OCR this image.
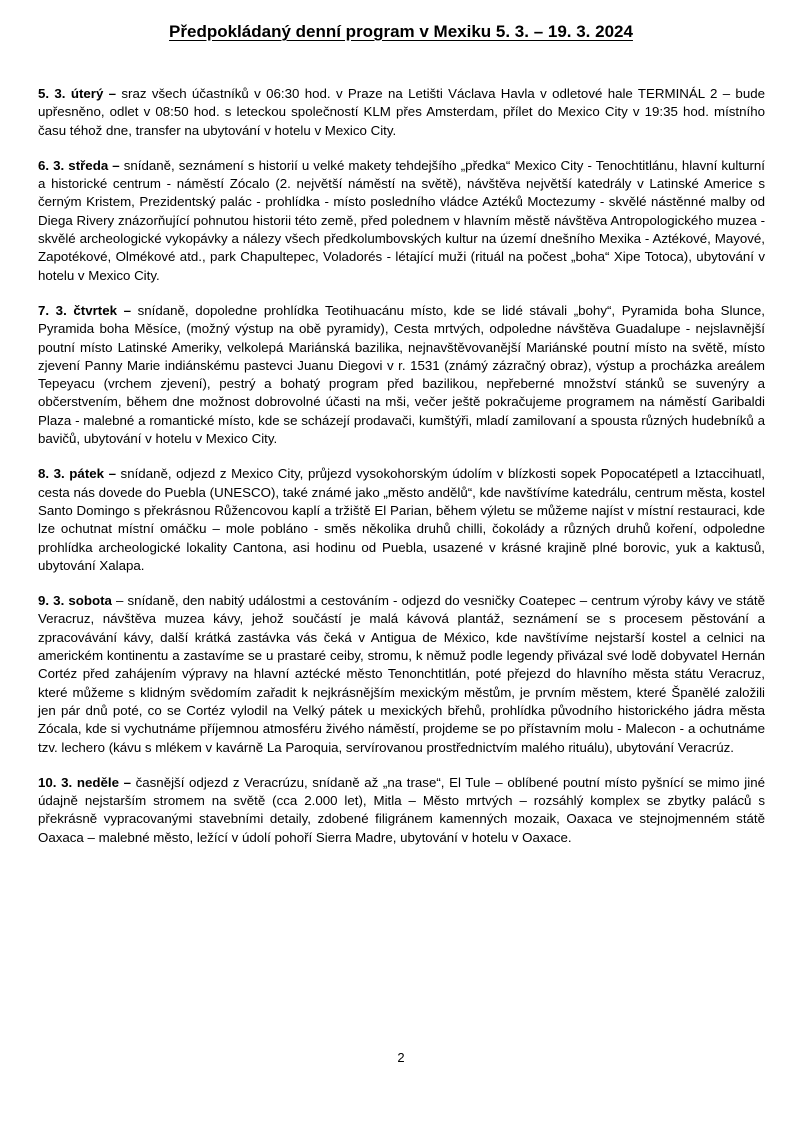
Předpokládaný denní program v Mexiku 5. 3. – 19. 3. 2024

5. 3. úterý – sraz všech účastníků v 06:30 hod. v Praze na Letišti Václava Havla v odletové hale TERMINÁL 2 – bude upřesněno, odlet v 08:50 hod. s leteckou společností KLM přes Amsterdam, přílet do Mexico City v 19:35 hod. místního času téhož dne, transfer na ubytování v hotelu v Mexico City.

6. 3. středa – snídaně, seznámení s historií u velké makety tehdejšího „předka“ Mexico City - Tenochtitlánu, hlavní kulturní a historické centrum - náměstí Zócalo (2. největší náměstí na světě), návštěva největší katedrály v Latinské Americe s černým Kristem, Prezidentský palác - prohlídka - místo posledního vládce Aztéků Moctezumy - skvělé nástěnné malby od Diega Rivery znázorňující pohnutou historii této země, před polednem v hlavním městě návštěva Antropologického muzea - skvělé archeologické vykopávky a nálezy všech předkolumbovských kultur na území dnešního Mexika - Aztékové, Mayové, Zapotékové, Olmékové atd., park Chapultepec, Voladorés - létající muži (rituál na počest „boha“ Xipe Totoca), ubytování v hotelu v Mexico City.

7. 3. čtvrtek – snídaně, dopoledne prohlídka Teotihuacánu místo, kde se lidé stávali „bohy“, Pyramida boha Slunce, Pyramida boha Měsíce, (možný výstup na obě pyramidy), Cesta mrtvých, odpoledne návštěva Guadalupe - nejslavnější poutní místo Latinské Ameriky, velkolepá Mariánská bazilika, nejnavštěvovanější Mariánské poutní místo na světě, místo zjevení Panny Marie indiánskému pastevci Juanu Diegovi v r. 1531 (známý zázračný obraz), výstup a procházka areálem Tepeyacu (vrchem zjevení), pestrý a bohatý program před bazilikou, nepřeberné množství stánků se suvenýry a občerstvením, během dne možnost dobrovolné účasti na mši, večer ještě pokračujeme programem na náměstí Garibaldi Plaza - malebné a romantické místo, kde se scházejí prodavači, kumštýři, mladí zamilovaní a spousta různých hudebníků a bavičů, ubytování v hotelu v Mexico City.

8. 3. pátek – snídaně, odjezd z Mexico City, průjezd vysokohorským údolím v blízkosti sopek Popocatépetl a Iztaccihuatl, cesta nás dovede do Puebla (UNESCO), také známé jako „město andělů“, kde navštívíme katedrálu, centrum města, kostel Santo Domingo s překrásnou Růžencovou kaplí a tržiště El Parian, během výletu se můžeme najíst v místní restauraci, kde lze ochutnat místní omáčku – mole pobláno - směs několika druhů chilli, čokolády a různých druhů koření, odpoledne prohlídka archeologické lokality Cantona, asi hodinu od Puebla, usazené v krásné krajině plné borovic, yuk a kaktusů, ubytování Xalapa.

9. 3. sobota – snídaně, den nabitý událostmi a cestováním - odjezd do vesničky Coatepec – centrum výroby kávy ve státě Veracruz, návštěva muzea kávy, jehož součástí je malá kávová plantáž, seznámení se s procesem pěstování a zpracovávání kávy, další krátká zastávka vás čeká v Antigua de México, kde navštívíme nejstarší kostel a celnici na americkém kontinentu a zastavíme se u prastaré ceiby, stromu, k němuž podle legendy přivázal své lodě dobyvatel Hernán Cortéz před zahájením výpravy na hlavní aztécké město Tenonchtitlán, poté přejezd do hlavního města státu Veracruz, které můžeme s klidným svědomím zařadit k nejkrásnějším mexickým městům, je prvním městem, které Španělé založili jen pár dnů poté, co se Cortéz vylodil na Velký pátek u mexických břehů, prohlídka původního historického jádra města Zócala, kde si vychutnáme příjemnou atmosféru živého náměstí, projdeme se po přístavním molu - Malecon - a ochutnáme tzv. lechero (kávu s mlékem v kavárně La Paroquia, servírovanou prostřednictvím malého rituálu), ubytování Veracrúz.

10. 3. neděle – časnější odjezd z Veracrúzu, snídaně až „na trase“, El Tule – oblíbené poutní místo pyšnící se mimo jiné údajně nejstarším stromem na světě (cca 2.000 let), Mitla – Město mrtvých – rozsáhlý komplex se zbytky paláců s překrásně vypracovanými stavebními detaily, zdobené filigránem kamenných mozaik, Oaxaca ve stejnojmenném státě Oaxaca – malebné město, ležící v údolí pohoří Sierra Madre, ubytování v hotelu v Oaxace.

2
